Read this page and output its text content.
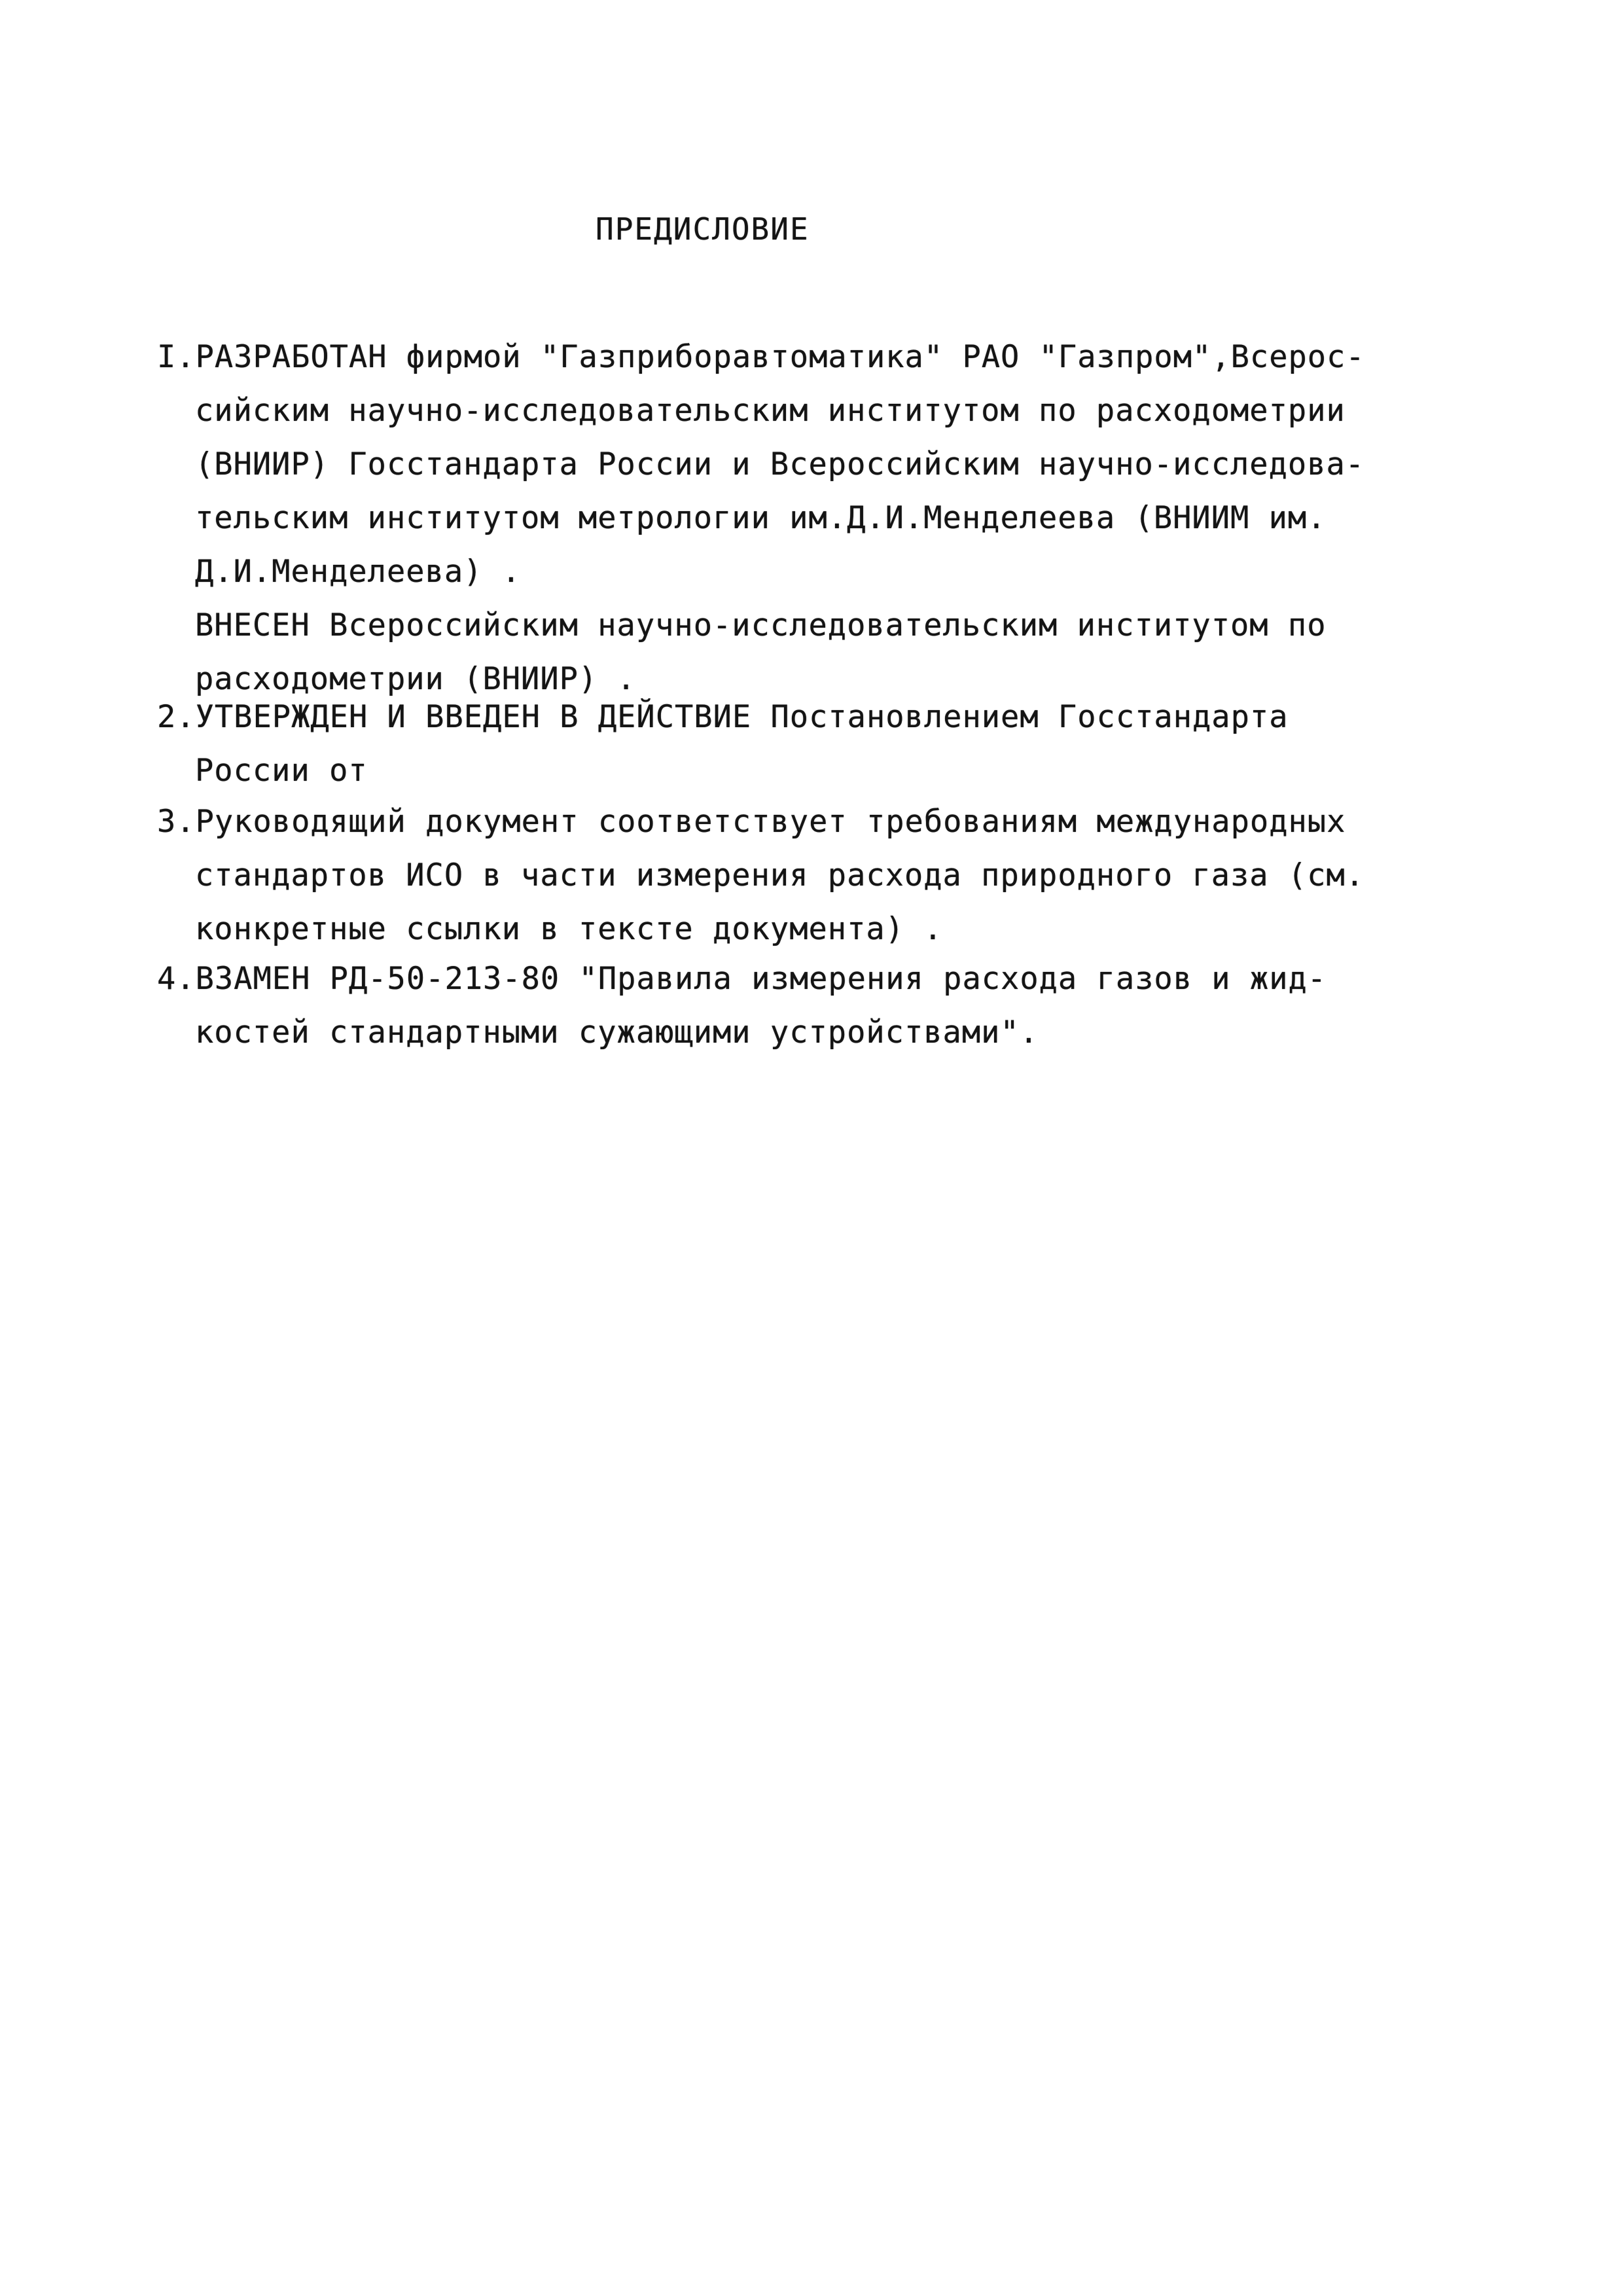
ПРЕДИСЛОВИЕ
I.РАЗРАБОТАН фирмой "Газприборавтоматика" РАО "Газпром",Всерос-
сийским научно-исследовательским институтом по расходометрии
(ВНИИР) Госстандарта России и Всероссийским научно-исследова-
тельским институтом метрологии им.Д.И.Менделеева (ВНИИМ им.
Д.И.Менделеева) .
ВНЕСЕН Всероссийским научно-исследовательским институтом по
расходометрии (ВНИИР) .
2.УТВЕРЖДЕН И ВВЕДЕН В ДЕЙСТВИЕ Постановлением Госстандарта
России от
3.Руководящий документ соответствует требованиям международных
стандартов ИСО в части измерения расхода природного газа (см.
конкретные ссылки в тексте документа) .
4.ВЗАМЕН РД-50-213-80 "Правила измерения расхода газов и жид-
костей стандартными сужающими устройствами".
